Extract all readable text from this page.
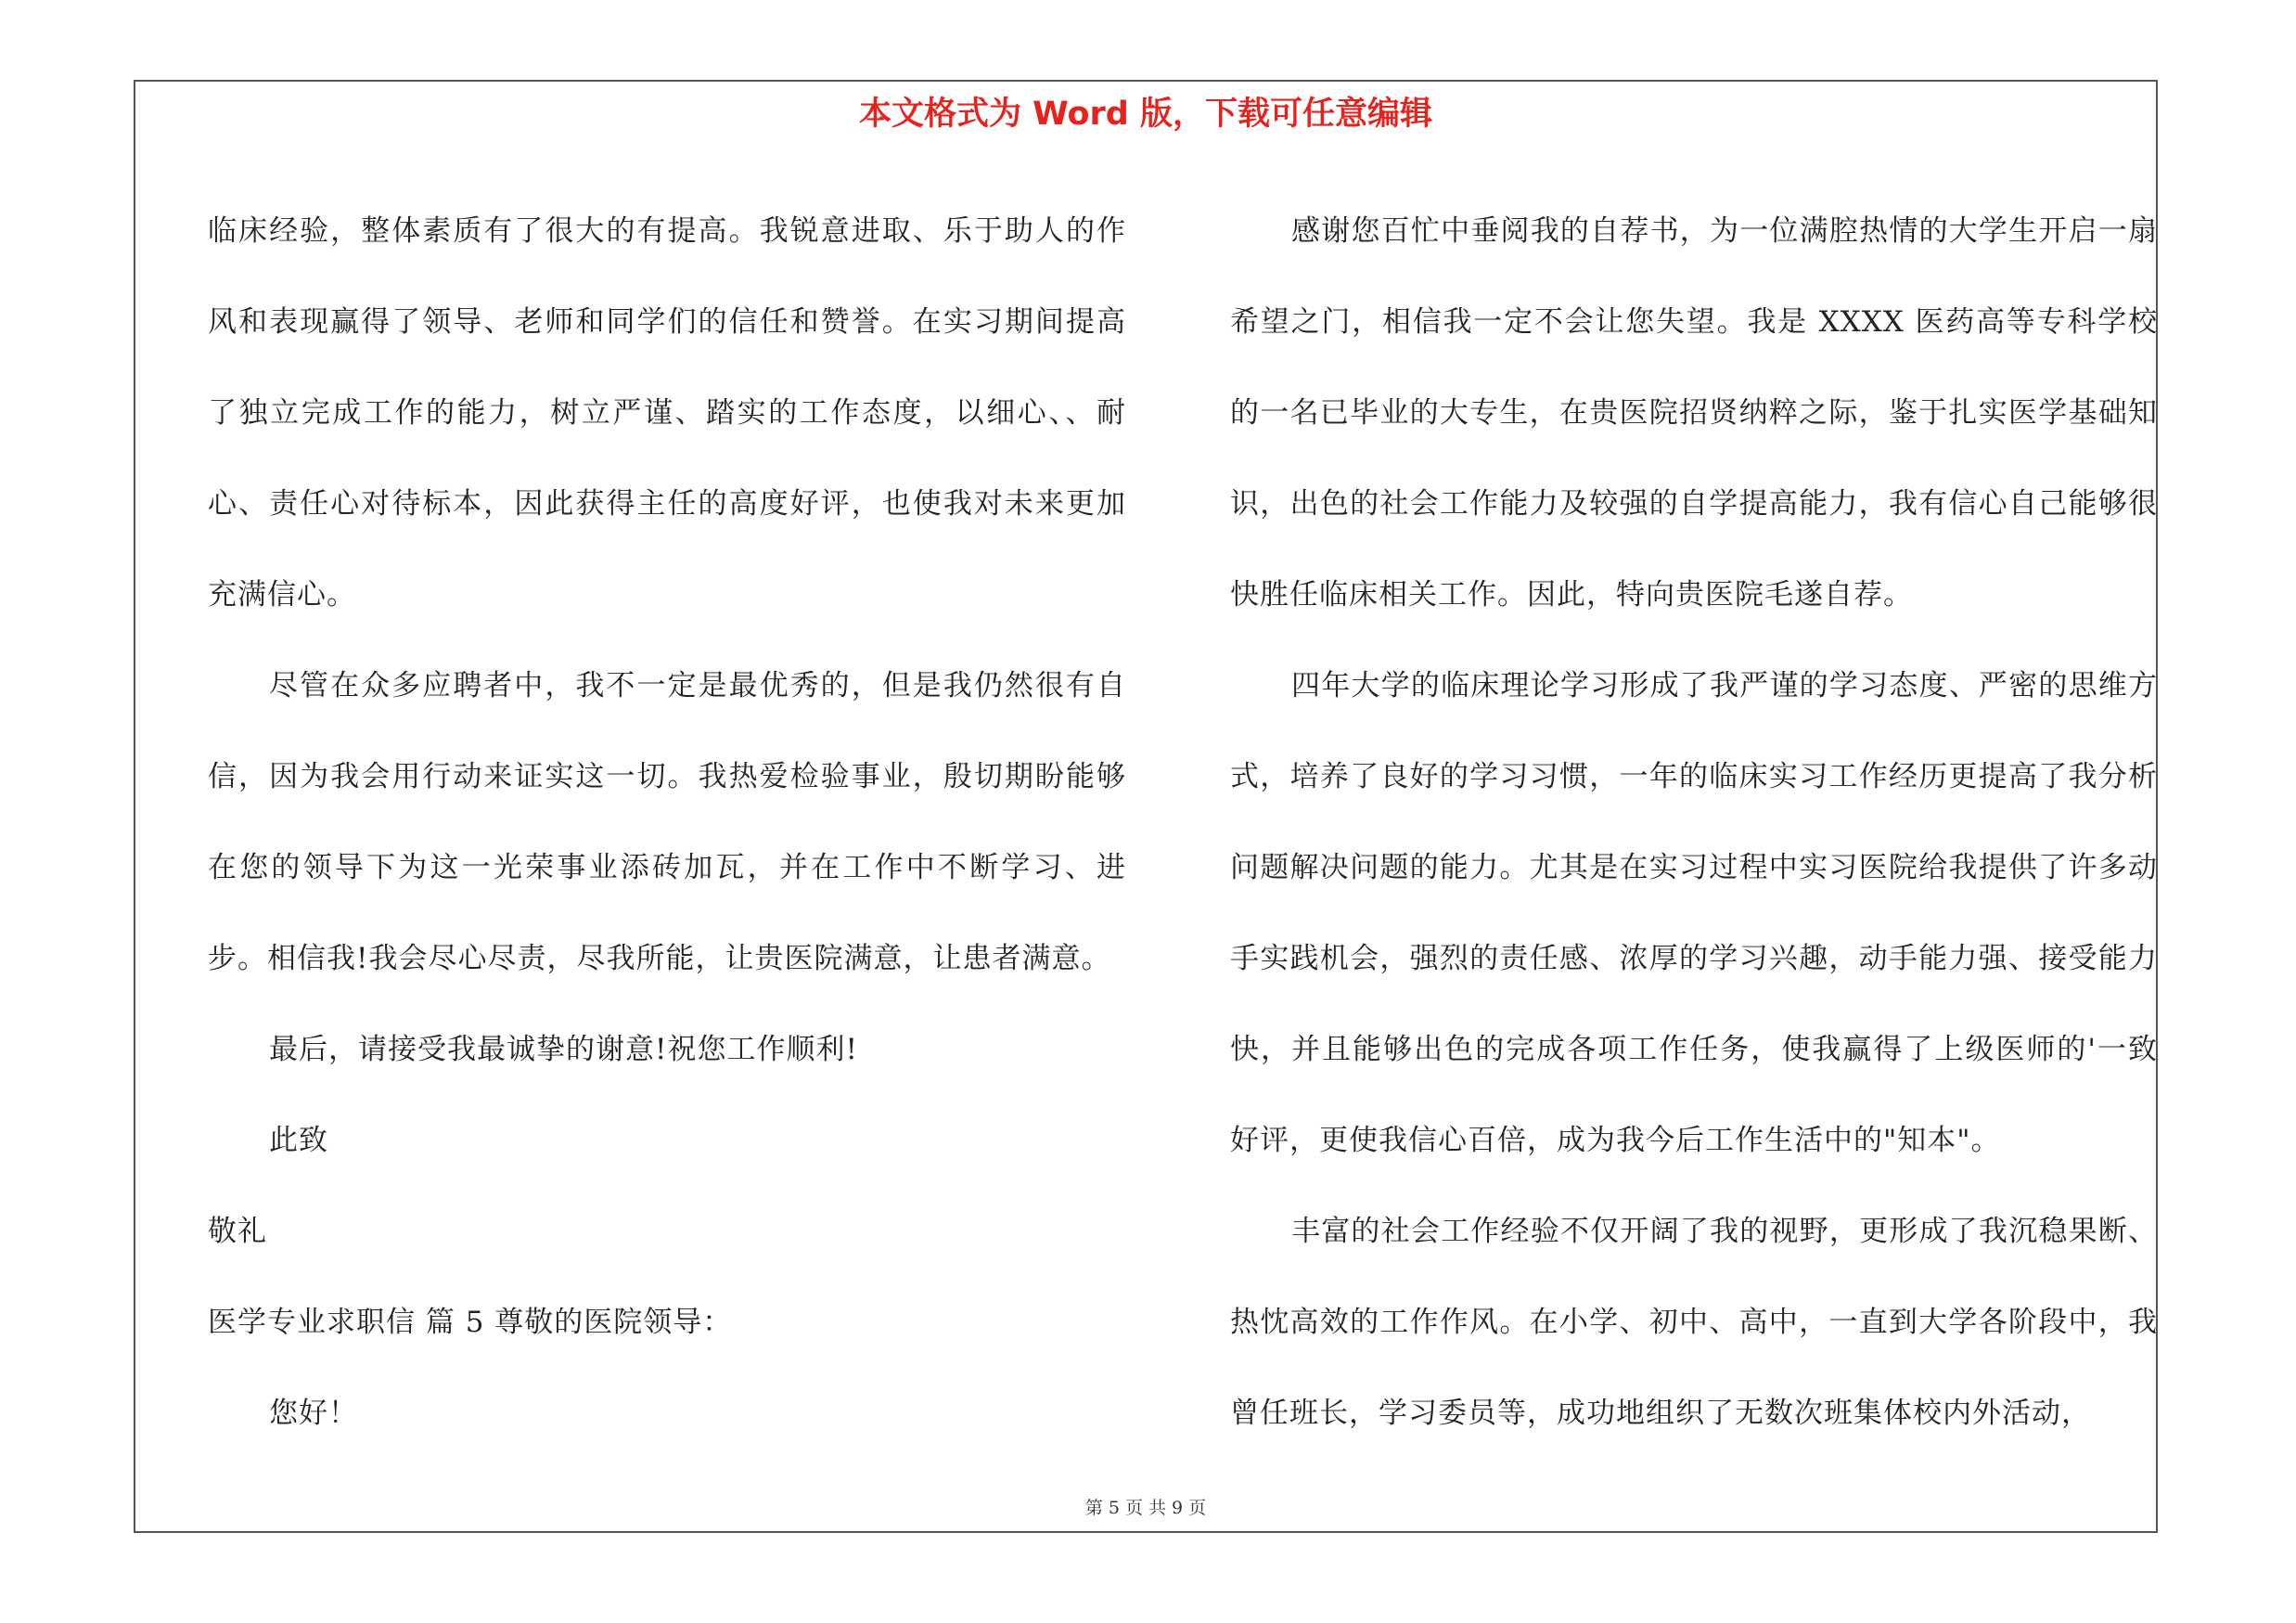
本文格式为 Word 版，下载可任意编辑

临床经验，整体素质有了很大的有提高。我锐意进取、乐于助人的作风和表现赢得了领导、老师和同学们的信任和赞誉。在实习期间提高了独立完成工作的能力，树立严谨、踏实的工作态度，以细心、、耐心、责任心对待标本，因此获得主任的高度好评，也使我对未来更加充满信心。

尽管在众多应聘者中，我不一定是最优秀的，但是我仍然很有自信，因为我会用行动来证实这一切。我热爱检验事业，殷切期盼能够在您的领导下为这一光荣事业添砖加瓦，并在工作中不断学习、进步。相信我!我会尽心尽责，尽我所能，让贵医院满意，让患者满意。

最后，请接受我最诚挚的谢意!祝您工作顺利!

此致

敬礼

医学专业求职信 篇 5 尊敬的医院领导：

您好！

感谢您百忙中垂阅我的自荐书，为一位满腔热情的大学生开启一扇希望之门，相信我一定不会让您失望。我是 XXXX 医药高等专科学校的一名已毕业的大专生，在贵医院招贤纳粹之际，鉴于扎实医学基础知识，出色的社会工作能力及较强的自学提高能力，我有信心自己能够很快胜任临床相关工作。因此，特向贵医院毛遂自荐。

四年大学的临床理论学习形成了我严谨的学习态度、严密的思维方式，培养了良好的学习习惯，一年的临床实习工作经历更提高了我分析问题解决问题的能力。尤其是在实习过程中实习医院给我提供了许多动手实践机会，强烈的责任感、浓厚的学习兴趣，动手能力强、接受能力快，并且能够出色的完成各项工作任务，使我赢得了上级医师的'一致好评，更使我信心百倍，成为我今后工作生活中的"知本"。

丰富的社会工作经验不仅开阔了我的视野，更形成了我沉稳果断、热忱高效的工作作风。在小学、初中、高中，一直到大学各阶段中，我曾任班长，学习委员等，成功地组织了无数次班集体校内外活动，

第 5 页 共 9 页
